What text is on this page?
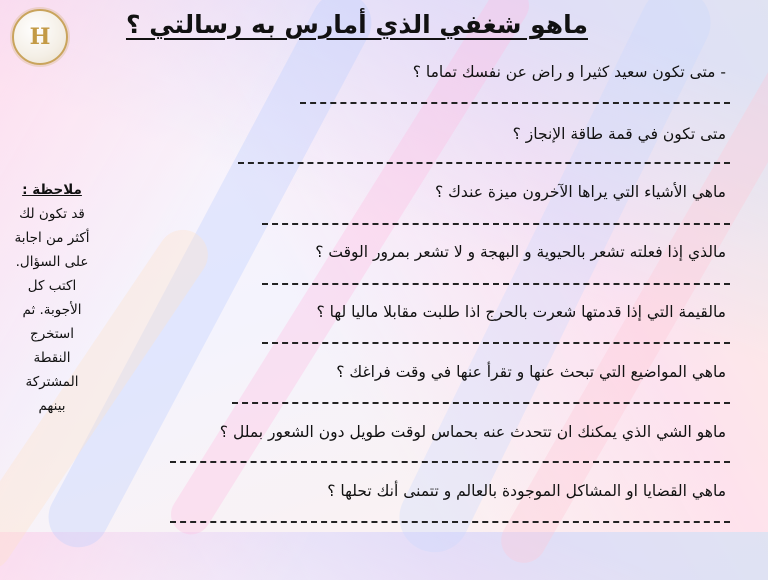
H	ماهو شغفي الذي أمارس به رسالتي ؟

- متى تكون سعيد كثيرا و راض عن نفسك تماما ؟

متى تكون في قمة طاقة الإنجاز ؟

ماهي الأشياء التي يراها الآخرون ميزة عندك ؟

مالذي إذا فعلته تشعر بالحيوية و البهجة و لا تشعر بمرور الوقت ؟

مالقيمة التي إذا قدمتها شعرت بالحرج اذا طلبت مقابلا ماليا لها ؟

ماهي المواضيع التي تبحث عنها و تقرأ عنها في وقت فراغك ؟

ماهو الشي الذي يمكنك ان تتحدث عنه بحماس لوقت طويل دون الشعور بملل ؟

ماهي القضايا او المشاكل الموجودة بالعالم و تتمنى أنك تحلها ؟

ملاحظة :
قد تكون لك
أكثر من اجابة
على السؤال.
اكتب كل
الأجوبة. ثم
استخرج
النقطة
المشتركة
بينهم
